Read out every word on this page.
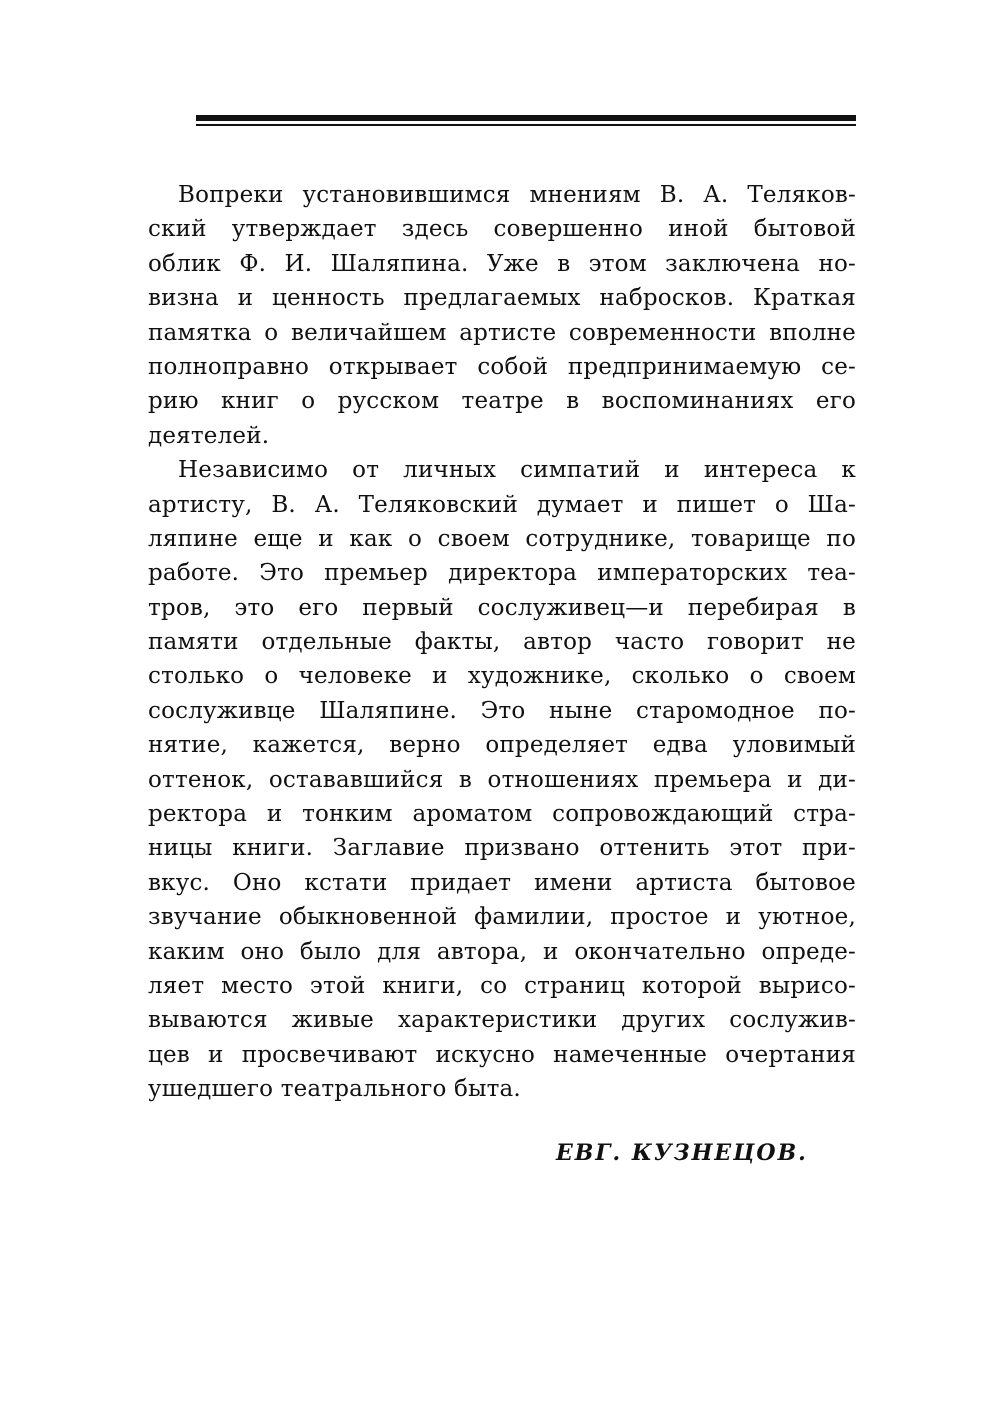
Вопреки установившимся мнениям В. А. Теляков-
ский утверждает здесь совершенно иной бытовой
облик Ф. И. Шаляпина. Уже в этом заключена но-
визна и ценность предлагаемых набросков. Краткая
памятка о величайшем артисте современности вполне
полноправно открывает собой предпринимаемую се-
рию книг о русском театре в воспоминаниях его
деятелей.
Независимо от личных симпатий и интереса к
артисту, В. А. Теляковский думает и пишет о Ша-
ляпине еще и как о своем сотруднике, товарище по
работе. Это премьер директора императорских теа-
тров, это его первый сослуживец—и перебирая в
памяти отдельные факты, автор часто говорит не
столько о человеке и художнике, сколько о своем
сослуживце Шаляпине. Это ныне старомодное по-
нятие, кажется, верно определяет едва уловимый
оттенок, остававшийся в отношениях премьера и ди-
ректора и тонким ароматом сопровождающий стра-
ницы книги. Заглавие призвано оттенить этот при-
вкус. Оно кстати придает имени артиста бытовое
звучание обыкновенной фамилии, простое и уютное,
каким оно было для автора, и окончательно опреде-
ляет место этой книги, со страниц которой вырисо-
вываются живые характеристики других сослужив-
цев и просвечивают искусно намеченные очертания
ушедшего театрального быта.
ЕВГ. КУЗНЕЦОВ.
